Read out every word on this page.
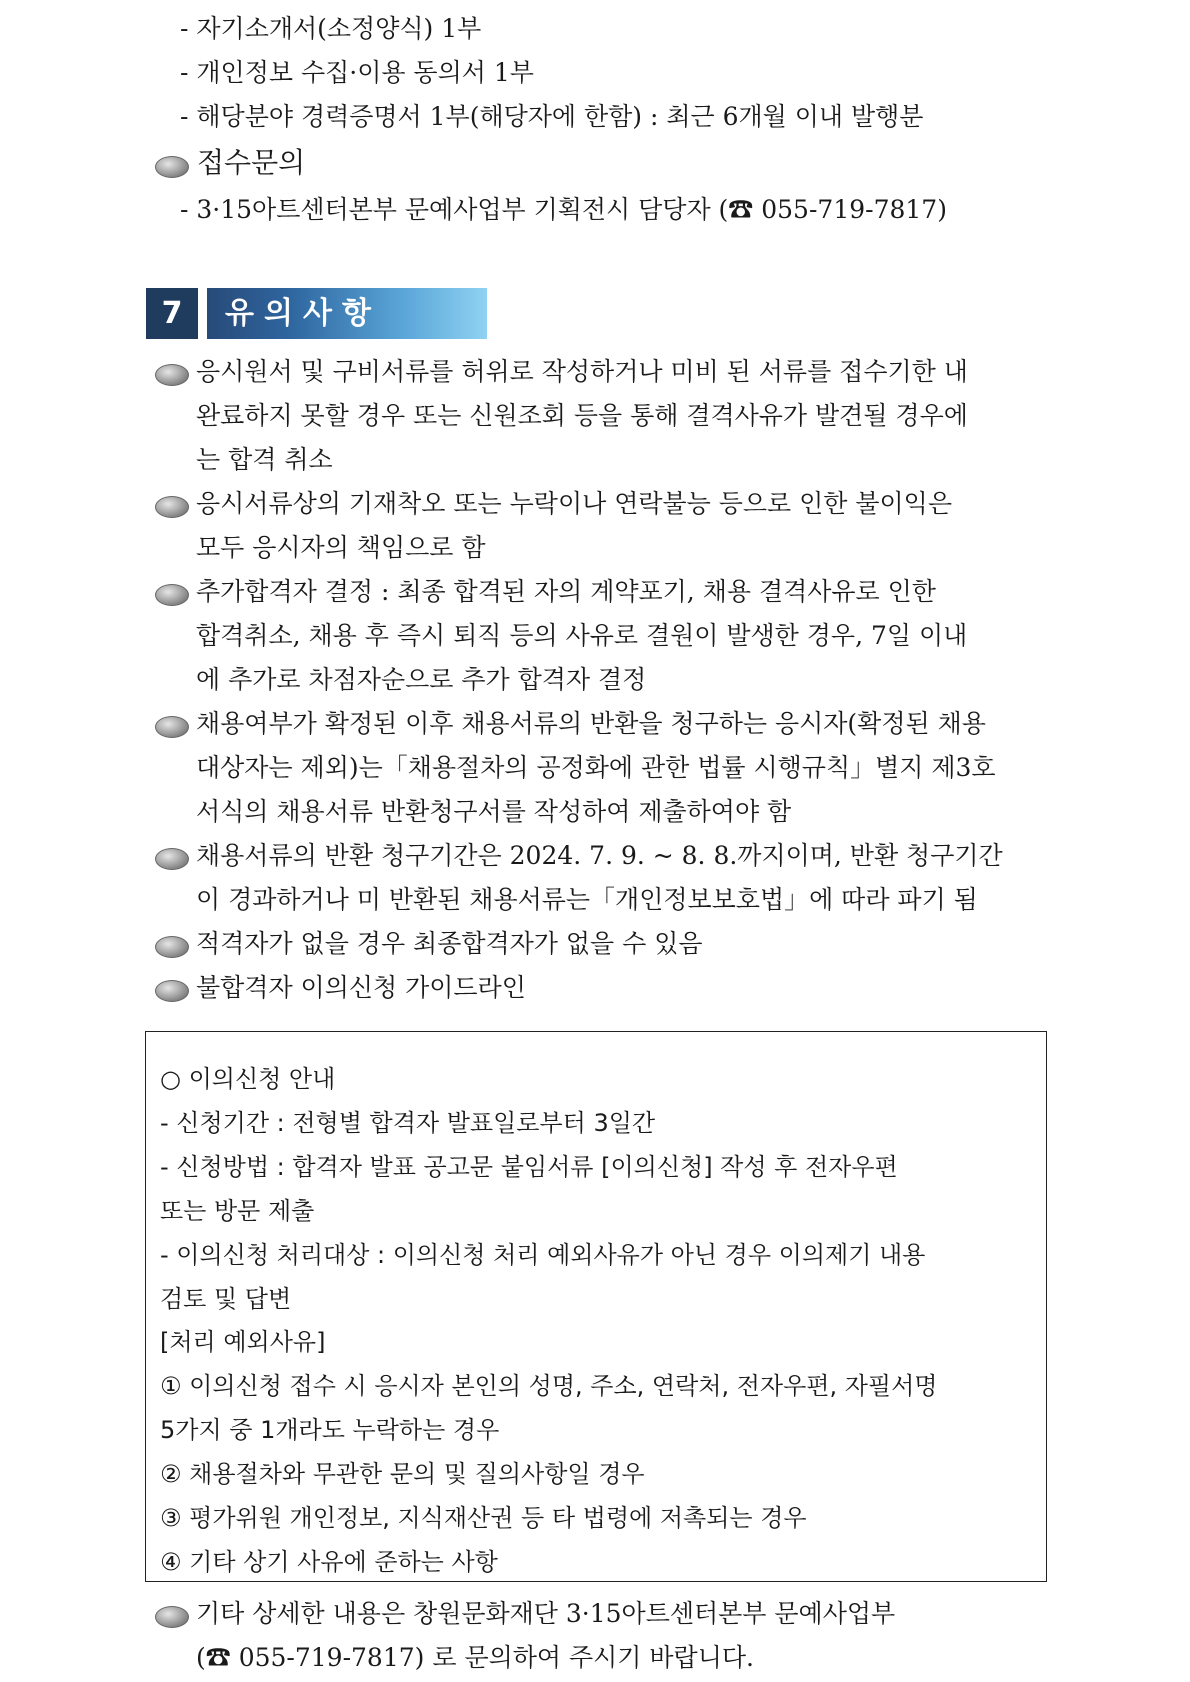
- 자기소개서(소정양식) 1부
- 개인정보 수집·이용 동의서 1부
- 해당분야 경력증명서 1부(해당자에 한함) : 최근 6개월 이내 발행분
접수문의
- 3·15아트센터본부 문예사업부 기획전시 담당자 (☎ 055-719-7817)
7	유의사항
응시원서 및 구비서류를 허위로 작성하거나 미비 된 서류를 접수기한 내
완료하지 못할 경우 또는 신원조회 등을 통해 결격사유가 발견될 경우에
는 합격 취소
응시서류상의 기재착오 또는 누락이나 연락불능 등으로 인한 불이익은
모두 응시자의 책임으로 함
추가합격자 결정 : 최종 합격된 자의 계약포기, 채용 결격사유로 인한
합격취소, 채용 후 즉시 퇴직 등의 사유로 결원이 발생한 경우, 7일 이내
에 추가로 차점자순으로 추가 합격자 결정
채용여부가 확정된 이후 채용서류의 반환을 청구하는 응시자(확정된 채용
대상자는 제외)는「채용절차의 공정화에 관한 법률 시행규칙」별지 제3호
서식의 채용서류 반환청구서를 작성하여 제출하여야 함
채용서류의 반환 청구기간은 2024. 7. 9. ~ 8. 8.까지이며, 반환 청구기간
이 경과하거나 미 반환된 채용서류는「개인정보보호법」에 따라 파기 됨
적격자가 없을 경우 최종합격자가 없을 수 있음
불합격자 이의신청 가이드라인
○ 이의신청 안내
- 신청기간 : 전형별 합격자 발표일로부터 3일간
- 신청방법 : 합격자 발표 공고문 붙임서류 [이의신청] 작성 후 전자우편
또는 방문 제출
- 이의신청 처리대상 : 이의신청 처리 예외사유가 아닌 경우 이의제기 내용
검토 및 답변
[처리 예외사유]
① 이의신청 접수 시 응시자 본인의 성명, 주소, 연락처, 전자우편, 자필서명
5가지 중 1개라도 누락하는 경우
② 채용절차와 무관한 문의 및 질의사항일 경우
③ 평가위원 개인정보, 지식재산권 등 타 법령에 저촉되는 경우
④ 기타 상기 사유에 준하는 사항
기타 상세한 내용은 창원문화재단 3·15아트센터본부 문예사업부
(☎ 055-719-7817) 로 문의하여 주시기 바랍니다.
